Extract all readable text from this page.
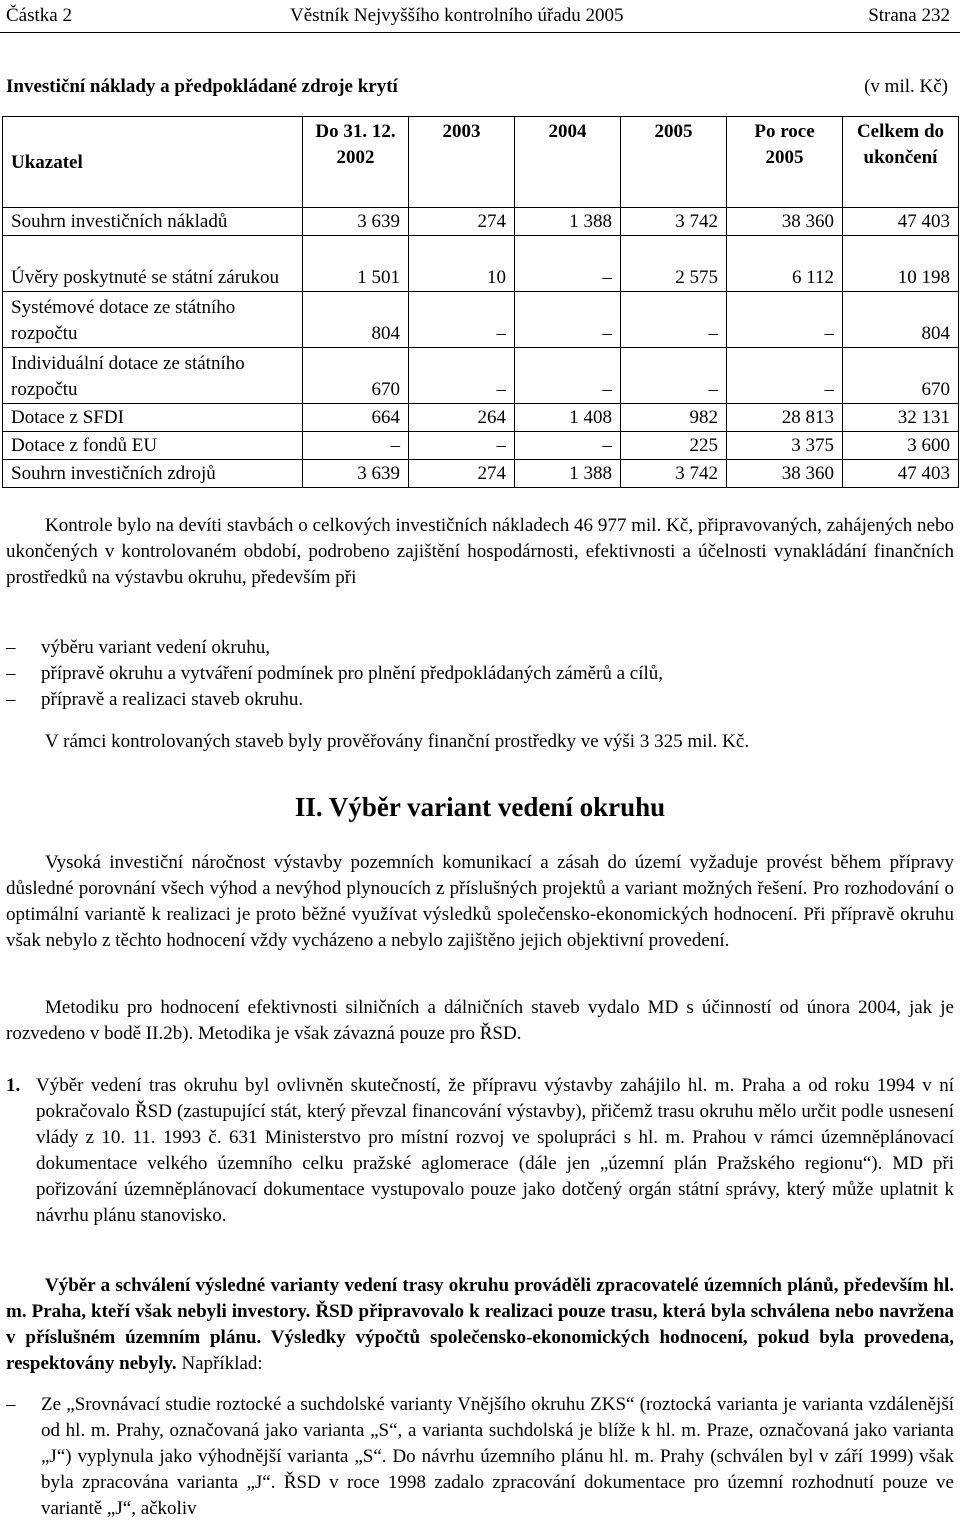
Částka 2	Věstník Nejvyššího kontrolního úřadu 2005	Strana 232
Investiční náklady a předpokládané zdroje krytí	(v mil. Kč)
Ukazatel	Do 31. 12. 2002	2003	2004	2005	Po roce 2005	Celkem do ukončení
Souhrn investičních nákladů	3 639	274	1 388	3 742	38 360	47 403
Úvěry poskytnuté se státní zárukou	1 501	10	–	2 575	6 112	10 198
Systémové dotace ze státního rozpočtu	804	–	–	–	–	804
Individuální dotace ze státního rozpočtu	670	–	–	–	–	670
Dotace z SFDI	664	264	1 408	982	28 813	32 131
Dotace z fondů EU	–	–	–	225	3 375	3 600
Souhrn investičních zdrojů	3 639	274	1 388	3 742	38 360	47 403
Kontrole bylo na devíti stavbách o celkových investičních nákladech 46 977 mil. Kč, připravovaných, zahájených nebo ukončených v kontrolovaném období, podrobeno zajištění hospodárnosti, efektivnosti a účelnosti vynakládání finančních prostředků na výstavbu okruhu, především při
– výběru variant vedení okruhu,
– přípravě okruhu a vytváření podmínek pro plnění předpokládaných záměrů a cílů,
– přípravě a realizaci staveb okruhu.
V rámci kontrolovaných staveb byly prověřovány finanční prostředky ve výši 3 325 mil. Kč.
II. Výběr variant vedení okruhu
Vysoká investiční náročnost výstavby pozemních komunikací a zásah do území vyžaduje provést během přípravy důsledné porovnání všech výhod a nevýhod plynoucích z příslušných projektů a variant možných řešení. Pro rozhodování o optimální variantě k realizaci je proto běžné využívat výsledků společensko-ekonomických hodnocení. Při přípravě okruhu však nebylo z těchto hodnocení vždy vycházeno a nebylo zajištěno jejich objektivní provedení.
Metodiku pro hodnocení efektivnosti silničních a dálničních staveb vydalo MD s účinností od února 2004, jak je rozvedeno v bodě II.2b). Metodika je však závazná pouze pro ŘSD.
1. Výběr vedení tras okruhu byl ovlivněn skutečností, že přípravu výstavby zahájilo hl. m. Praha a od roku 1994 v ní pokračovalo ŘSD (zastupující stát, který převzal financování výstavby), přičemž trasu okruhu mělo určit podle usnesení vlády z 10. 11. 1993 č. 631 Ministerstvo pro místní rozvoj ve spolupráci s hl. m. Prahou v rámci územněplánovací dokumentace velkého územního celku pražské aglomerace (dále jen „územní plán Pražského regionu“). MD při pořizování územněplánovací dokumentace vystupovalo pouze jako dotčený orgán státní správy, který může uplatnit k návrhu plánu stanovisko.
Výběr a schválení výsledné varianty vedení trasy okruhu prováděli zpracovatelé územních plánů, především hl. m. Praha, kteří však nebyli investory. ŘSD připravovalo k realizaci pouze trasu, která byla schválena nebo navržena v příslušném územním plánu. Výsledky výpočtů společensko-ekonomických hodnocení, pokud byla provedena, respektovány nebyly. Například:
– Ze „Srovnávací studie roztocké a suchdolské varianty Vnějšího okruhu ZKS“ (roztocká varianta je varianta vzdálenější od hl. m. Prahy, označovaná jako varianta „S“, a varianta suchdolská je blíže k hl. m. Praze, označovaná jako varianta „J“) vyplynula jako výhodnější varianta „S“. Do návrhu územního plánu hl. m. Prahy (schválen byl v září 1999) však byla zpracována varianta „J“. ŘSD v roce 1998 zadalo zpracování dokumentace pro územní rozhodnutí pouze ve variantě „J“, ačkoliv
